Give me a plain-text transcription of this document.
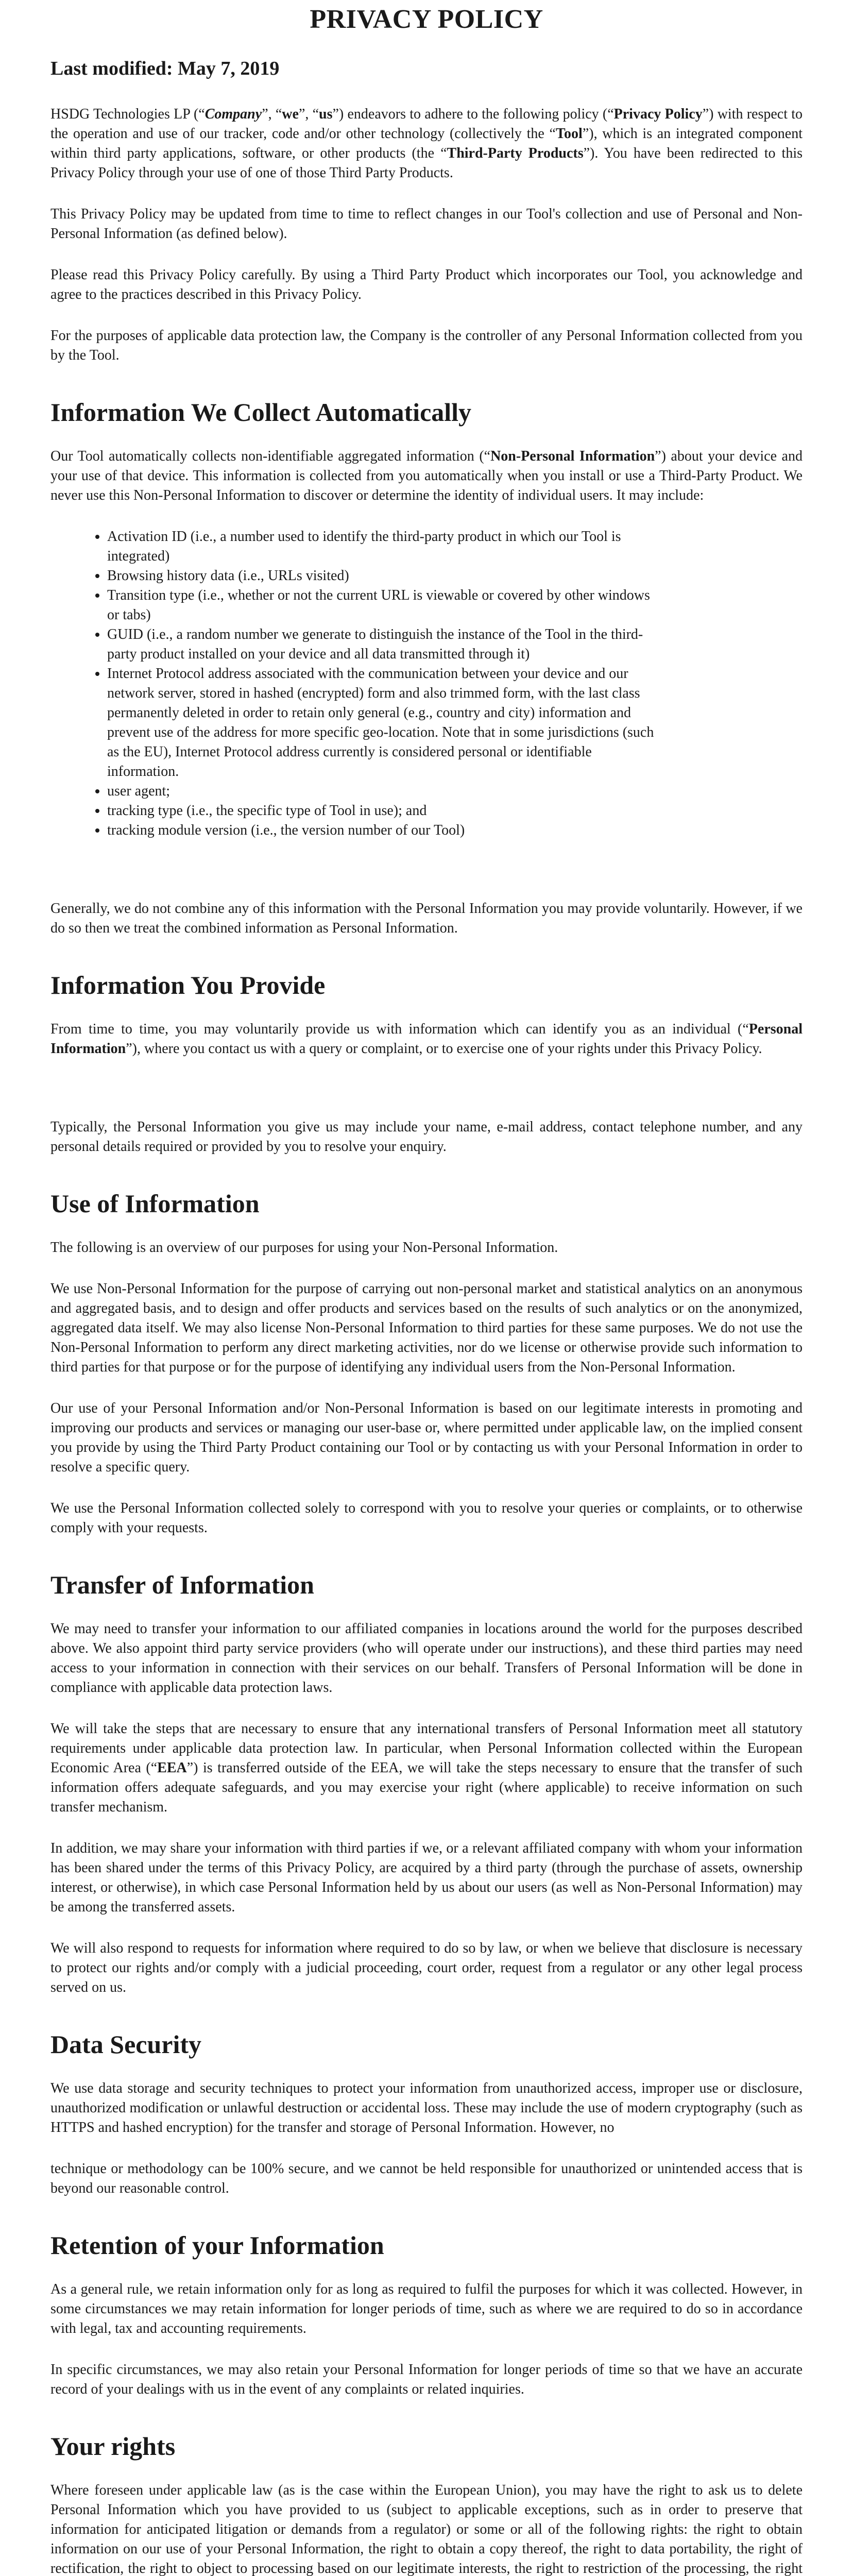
PRIVACY POLICY
Last modified: May 7, 2019

HSDG Technologies LP (“Company”, “we”, “us”) endeavors to adhere to the following policy (“Privacy Policy”) with respect to the operation and use of our tracker, code and/or other technology (collectively the “Tool”), which is an integrated component within third party applications, software, or other products (the “Third-Party Products”). You have been redirected to this Privacy Policy through your use of one of those Third Party Products.

This Privacy Policy may be updated from time to time to reflect changes in our Tool's collection and use of Personal and Non-Personal Information (as defined below).

Please read this Privacy Policy carefully. By using a Third Party Product which incorporates our Tool, you acknowledge and agree to the practices described in this Privacy Policy.

For the purposes of applicable data protection law, the Company is the controller of any Personal Information collected from you by the Tool.

Information We Collect Automatically

Our Tool automatically collects non-identifiable aggregated information (“Non-Personal Information”) about your device and your use of that device. This information is collected from you automatically when you install or use a Third-Party Product. We never use this Non-Personal Information to discover or determine the identity of individual users. It may include:

• Activation ID (i.e., a number used to identify the third-party product in which our Tool is integrated)
• Browsing history data (i.e., URLs visited)
• Transition type (i.e., whether or not the current URL is viewable or covered by other windows or tabs)
• GUID (i.e., a random number we generate to distinguish the instance of the Tool in the third-party product installed on your device and all data transmitted through it)
• Internet Protocol address associated with the communication between your device and our network server, stored in hashed (encrypted) form and also trimmed form, with the last class permanently deleted in order to retain only general (e.g., country and city) information and prevent use of the address for more specific geo-location. Note that in some jurisdictions (such as the EU), Internet Protocol address currently is considered personal or identifiable information.
• user agent;
• tracking type (i.e., the specific type of Tool in use); and
• tracking module version (i.e., the version number of our Tool)

Generally, we do not combine any of this information with the Personal Information you may provide voluntarily. However, if we do so then we treat the combined information as Personal Information.

Information You Provide

From time to time, you may voluntarily provide us with information which can identify you as an individual (“Personal Information”), where you contact us with a query or complaint, or to exercise one of your rights under this Privacy Policy.

Typically, the Personal Information you give us may include your name, e-mail address, contact telephone number, and any personal details required or provided by you to resolve your enquiry.

Use of Information

The following is an overview of our purposes for using your Non-Personal Information.

We use Non-Personal Information for the purpose of carrying out non-personal market and statistical analytics on an anonymous and aggregated basis, and to design and offer products and services based on the results of such analytics or on the anonymized, aggregated data itself. We may also license Non-Personal Information to third parties for these same purposes. We do not use the Non-Personal Information to perform any direct marketing activities, nor do we license or otherwise provide such information to third parties for that purpose or for the purpose of identifying any individual users from the Non-Personal Information.

Our use of your Personal Information and/or Non-Personal Information is based on our legitimate interests in promoting and improving our products and services or managing our user-base or, where permitted under applicable law, on the implied consent you provide by using the Third Party Product containing our Tool or by contacting us with your Personal Information in order to resolve a specific query.

We use the Personal Information collected solely to correspond with you to resolve your queries or complaints, or to otherwise comply with your requests.

Transfer of Information

We may need to transfer your information to our affiliated companies in locations around the world for the purposes described above. We also appoint third party service providers (who will operate under our instructions), and these third parties may need access to your information in connection with their services on our behalf. Transfers of Personal Information will be done in compliance with applicable data protection laws.

We will take the steps that are necessary to ensure that any international transfers of Personal Information meet all statutory requirements under applicable data protection law. In particular, when Personal Information collected within the European Economic Area (“EEA”) is transferred outside of the EEA, we will take the steps necessary to ensure that the transfer of such information offers adequate safeguards, and you may exercise your right (where applicable) to receive information on such transfer mechanism.

In addition, we may share your information with third parties if we, or a relevant affiliated company with whom your information has been shared under the terms of this Privacy Policy, are acquired by a third party (through the purchase of assets, ownership interest, or otherwise), in which case Personal Information held by us about our users (as well as Non-Personal Information) may be among the transferred assets.

We will also respond to requests for information where required to do so by law, or when we believe that disclosure is necessary to protect our rights and/or comply with a judicial proceeding, court order, request from a regulator or any other legal process served on us.

Data Security

We use data storage and security techniques to protect your information from unauthorized access, improper use or disclosure, unauthorized modification or unlawful destruction or accidental loss. These may include the use of modern cryptography (such as HTTPS and hashed encryption) for the transfer and storage of Personal Information. However, no

technique or methodology can be 100% secure, and we cannot be held responsible for unauthorized or unintended access that is beyond our reasonable control.

Retention of your Information

As a general rule, we retain information only for as long as required to fulfil the purposes for which it was collected. However, in some circumstances we may retain information for longer periods of time, such as where we are required to do so in accordance with legal, tax and accounting requirements.

In specific circumstances, we may also retain your Personal Information for longer periods of time so that we have an accurate record of your dealings with us in the event of any complaints or related inquiries.

Your rights

Where foreseen under applicable law (as is the case within the European Union), you may have the right to ask us to delete Personal Information which you have provided to us (subject to applicable exceptions, such as in order to preserve that information for anticipated litigation or demands from a regulator) or some or all of the following rights: the right to obtain information on our use of your Personal Information, the right to obtain a copy thereof, the right to data portability, the right of rectification, the right to object to processing based on our legitimate interests, the right to restriction of the processing, the right
